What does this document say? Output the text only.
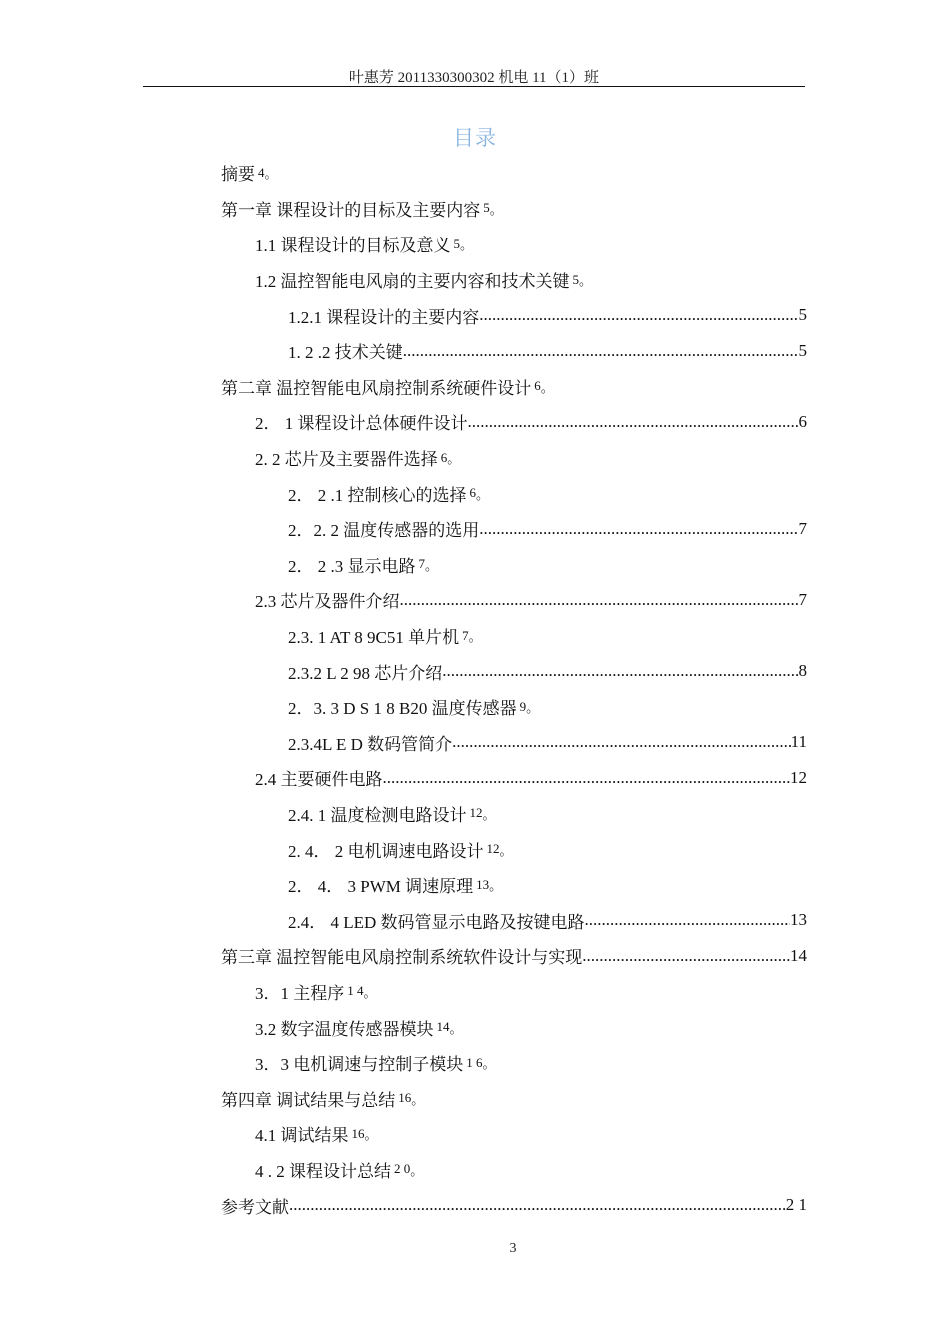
叶惠芳 2011330300302 机电 11（1）班
目录
摘要 4 。
第一章 课程设计的目标及主要内容 5 。
1.1 课程设计的目标及意义 5 。
1.2 温控智能电风扇的主要内容和技术关键 5 。
1.2.1 课程设计的主要内容 .....	5
1. 2 .2 技术关键 .....	5
第二章 温控智能电风扇控制系统硬件设计 6 。
2． 1 课程设计总体硬件设计 .....	6
2. 2 芯片及主要器件选择 6 。
2． 2 .1 控制核心的选择 6 。
2．2. 2 温度传感器的选用 .....	7
2． 2 .3 显示电路 7 。
2.3 芯片及器件介绍 .....	7
2.3. 1 AT 8 9C51 单片机 7 。
2.3.2 L 2 98 芯片介绍 .....	8
2．3. 3 D S 1 8 B20 温度传感器 9 。
2.3.4L E D 数码管简介 .....	11
2.4 主要硬件电路 .....	12
2.4. 1 温度检测电路设计 12 。
2. 4． 2 电机调速电路设计 12 。
2． 4． 3 PWM 调速原理 13 。
2.4． 4 LED 数码管显示电路及按键电路 .....	13
第三章 温控智能电风扇控制系统软件设计与实现 .....	14
3．1 主程序 1 4 。
3.2 数字温度传感器模块 14 。
3．3 电机调速与控制子模块 1 6 。
第四章 调试结果与总结 16 。
4.1 调试结果 16 。
4 . 2 课程设计总结 2 0 。
参考文献 .....	2 1
3
